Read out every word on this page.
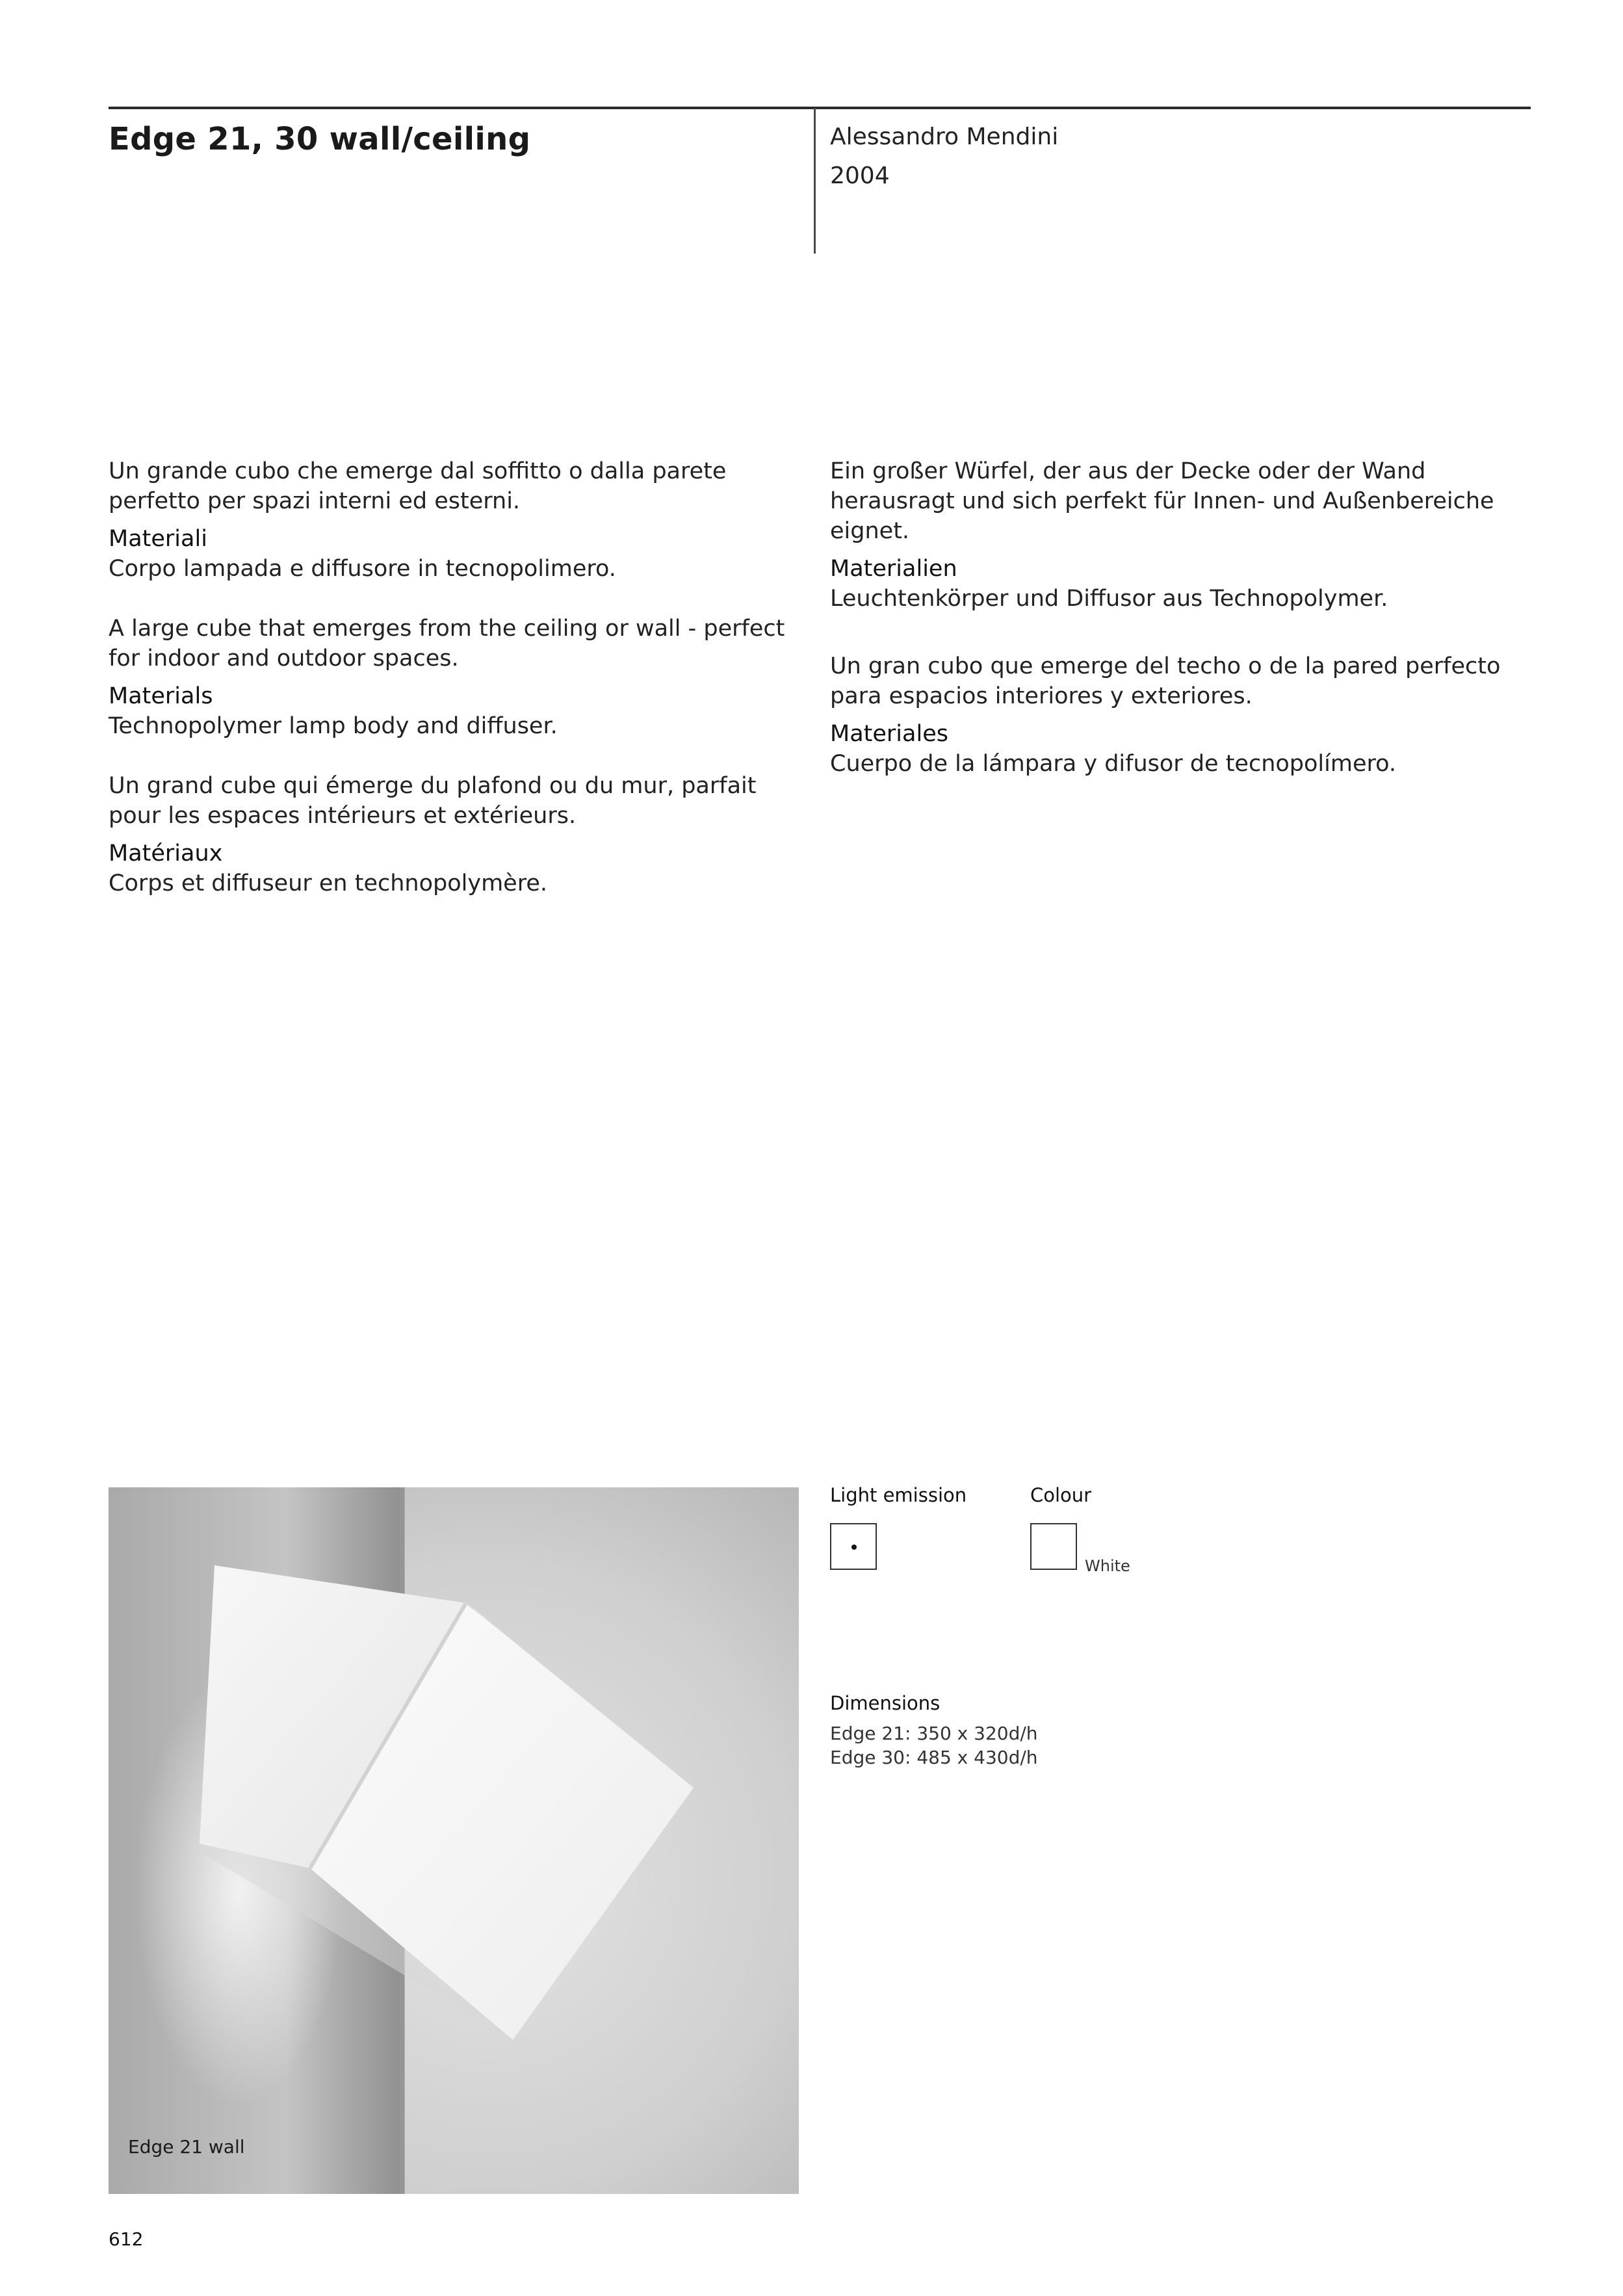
Edge 21, 30 wall/ceiling	Alessandro Mendini
2004

Un grande cubo che emerge dal soffitto o dalla parete perfetto per spazi interni ed esterni.

Materiali

Corpo lampada e diffusore in tecnopolimero.

A large cube that emerges from the ceiling or wall - perfect for indoor and outdoor spaces.

Materials

Technopolymer lamp body and diffuser.

Un grand cube qui émerge du plafond ou du mur, parfait pour les espaces intérieurs et extérieurs.

Matériaux

Corps et diffuseur en technopolymère.

Ein großer Würfel, der aus der Decke oder der Wand herausragt und sich perfekt für Innen- und Außenbereiche eignet.

Materialien

Leuchtenkörper und Diffusor aus Technopolymer.

Un gran cubo que emerge del techo o de la pared perfecto para espacios interiores y exteriores.

Materiales

Cuerpo de la lámpara y difusor de tecnopolímero.

Edge 21 wall
Light emission	Colour
White
Dimensions
Edge 21: 350 x 320d/h
Edge 30: 485 x 430d/h
612
